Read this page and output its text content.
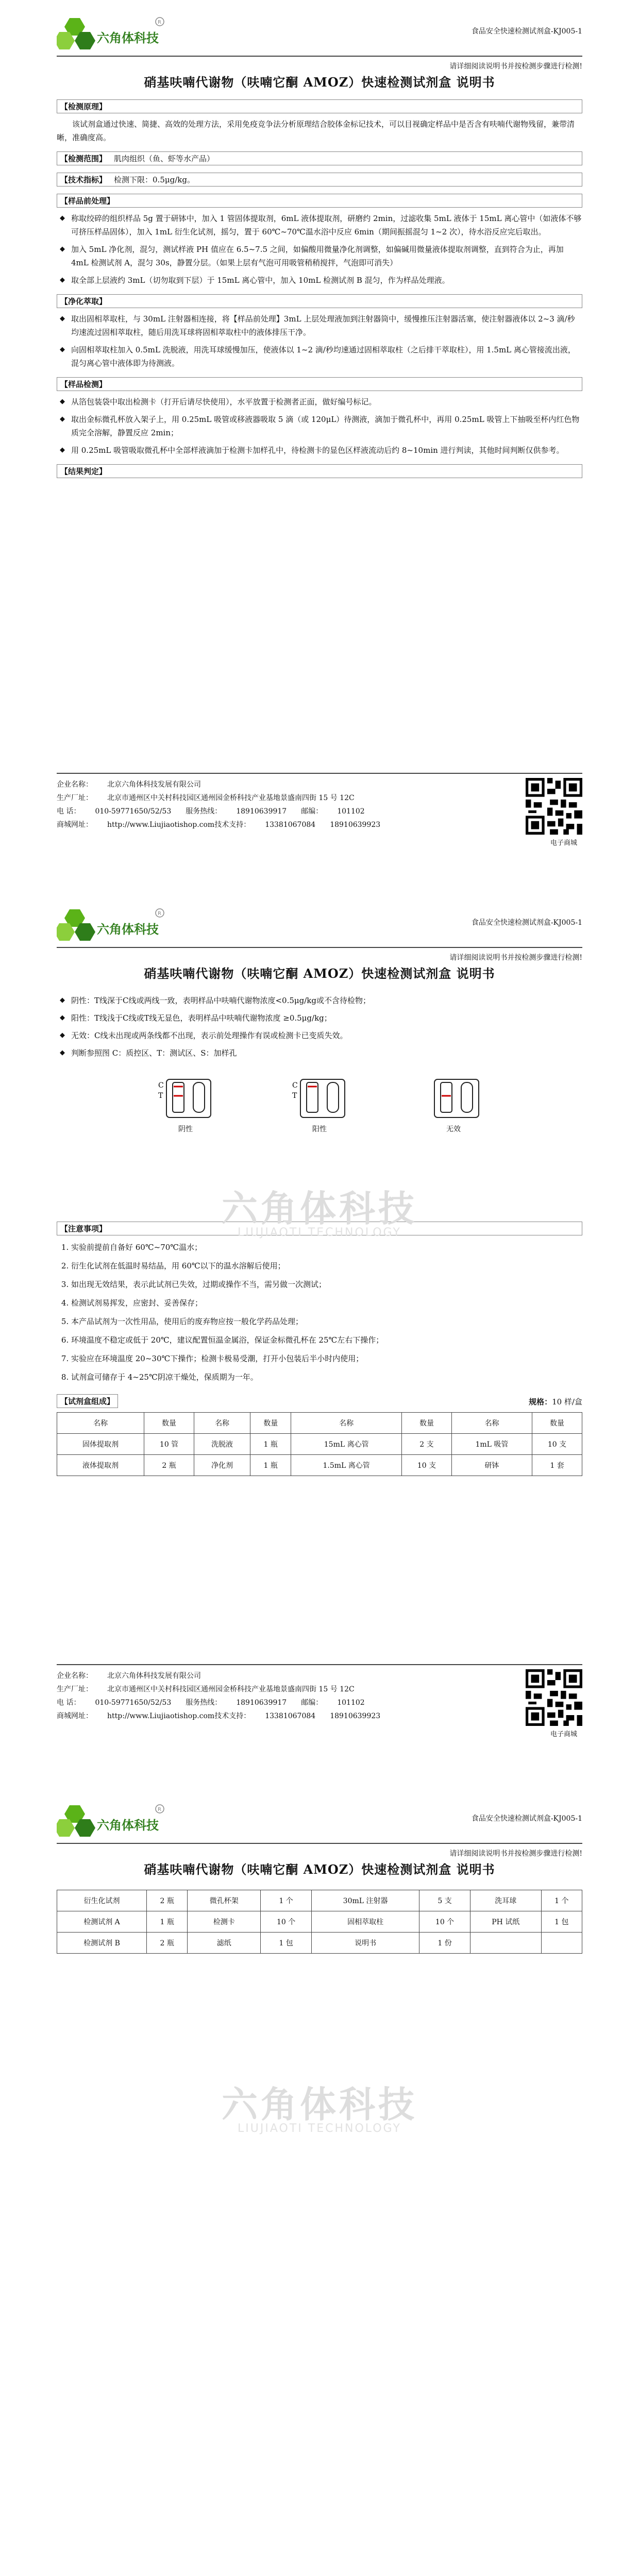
六角体科技
R
食品安全快速检测试剂盒-KJ005-1
请详细阅读说明书并按检测步骤进行检测!
硝基呋喃代谢物（呋喃它酮 AMOZ）快速检测试剂盒 说明书
【检测原理】

该试剂盒通过快速、简捷、高效的处理方法，采用免疫竞争法分析原理结合胶体金标记技术，可以目视确定样品中是否含有呋喃代谢物残留，兼带清晰，准确度高。

【检测范围】 肌肉组织（鱼、虾等水产品）
【技术指标】 检测下限：0.5μg/kg。
【样品前处理】
◆ 称取绞碎的组织样品 5g 置于研钵中，加入 1 管固体提取剂，6mL 液体提取剂，研磨约 2min，过滤收集 5mL 液体于 15mL 离心管中（如液体不够可挤压样品固体），加入 1mL 衍生化试剂，摇匀，置于 60℃~70℃温水浴中反应 6min（期间振摇混匀 1~2 次），待水浴反应完后取出。
◆ 加入 5mL 净化剂，混匀，测试样液 PH 值应在 6.5~7.5 之间，如偏酸用微量净化剂调整，如偏碱用微量液体提取剂调整，直到符合为止，再加 4mL 检测试剂 A，混匀 30s，静置分层。（如果上层有气泡可用吸管稍稍搅拌，气泡即可消失）
◆ 取全部上层液约 3mL（切勿取到下层）于 15mL 离心管中，加入 10mL 检测试剂 B 混匀，作为样品处理液。
【净化萃取】
◆ 取出固相萃取柱，与 30mL 注射器相连接，将【样品前处理】3mL 上层处理液加到注射器筒中，缓慢推压注射器活塞，使注射器液体以 2~3 滴/秒均速流过固相萃取柱，随后用洗耳球将固相萃取柱中的液体排压干净。
◆ 向固相萃取柱加入 0.5mL 洗脱液，用洗耳球缓慢加压，使液体以 1~2 滴/秒均速通过固相萃取柱（之后排干萃取柱），用 1.5mL 离心管接流出液，混匀离心管中液体即为待测液。
【样品检测】
◆ 从箔包装袋中取出检测卡（打开后请尽快使用），水平放置于检测者正面，做好编号标记。
◆ 取出金标微孔杯放入架子上，用 0.25mL 吸管或移液器吸取 5 滴（或 120μL）待测液，滴加于微孔杯中，再用 0.25mL 吸管上下抽吸至杯内红色物质完全溶解，静置反应 2min；
◆ 用 0.25mL 吸管吸取微孔杯中全部样液滴加于检测卡加样孔中，待检测卡的显色区样液流动后约 8~10min 进行判读，其他时间判断仅供参考。
【结果判定】
企业名称： 北京六角体科技发展有限公司
生产厂址： 北京市通州区中关村科技园区通州园金桥科技产业基地景盛南四街 15 号 12C
电 话： 010-59771650/52/53 服务热线： 18910639917 邮编： 101102
商城网址： http://www.Liujiaotishop.com技术支持： 13381067084 18910639923
电子商城
六角体科技
R
食品安全快速检测试剂盒-KJ005-1
请详细阅读说明书并按检测步骤进行检测!
硝基呋喃代谢物（呋喃它酮 AMOZ）快速检测试剂盒 说明书
◆ 阴性：T线深于C线或两线一致，表明样品中呋喃代谢物浓度<0.5μg/kg或不含待检物；
◆ 阳性：T线浅于C线或T线无显色，表明样品中呋喃代谢物浓度 ≥0.5μg/kg；
◆ 无效：C线未出现或两条线都不出现，表示前处理操作有误或检测卡已变质失效。
◆ 判断参照图 C：质控区、T：测试区、S：加样孔
C
T
阴性
C
T
阳性	无效
六角体科技
LIUJIAOTI TECHNOLOGY
【注意事项】
1. 实验前提前自备好 60℃~70℃温水；
2. 衍生化试剂在低温时易结晶，用 60℃以下的温水溶解后使用；
3. 如出现无效结果，表示此试剂已失效，过期或操作不当，需另做一次测试；
4. 检测试剂易挥发，应密封、妥善保存；
5. 本产品试剂为一次性用品，使用后的废弃物应按一般化学药品处理；
6. 环境温度不稳定或低于 20℃，建议配置恒温金属浴，保证金标微孔杯在 25℃左右下操作；
7. 实验应在环境温度 20~30℃下操作；检测卡极易受潮，打开小包装后半小时内使用；
8. 试剂盒可储存于 4~25℃阴凉干燥处，保质期为一年。
【试剂盒组成】	规格：10 样/盒
名称	数量	名称	数量	名称	数量	名称	数量
固体提取剂	10 管	洗脱液	1 瓶	15mL 离心管	2 支	1mL 吸管	10 支
液体提取剂	2 瓶	净化剂	1 瓶	1.5mL 离心管	10 支	研钵	1 套
企业名称： 北京六角体科技发展有限公司
生产厂址： 北京市通州区中关村科技园区通州园金桥科技产业基地景盛南四街 15 号 12C
电 话： 010-59771650/52/53 服务热线： 18910639917 邮编： 101102
商城网址： http://www.Liujiaotishop.com技术支持： 13381067084 18910639923
电子商城
六角体科技
R
食品安全快速检测试剂盒-KJ005-1
请详细阅读说明书并按检测步骤进行检测!
硝基呋喃代谢物（呋喃它酮 AMOZ）快速检测试剂盒 说明书
衍生化试剂	2 瓶	微孔杯架	1 个	30mL 注射器	5 支	洗耳球	1 个
检测试剂 A	1 瓶	检测卡	10 个	固相萃取柱	10 个	PH 试纸	1 包
检测试剂 B	2 瓶	滤纸	1 包	说明书	1 份		
六角体科技
LIUJIAOTI TECHNOLOGY
